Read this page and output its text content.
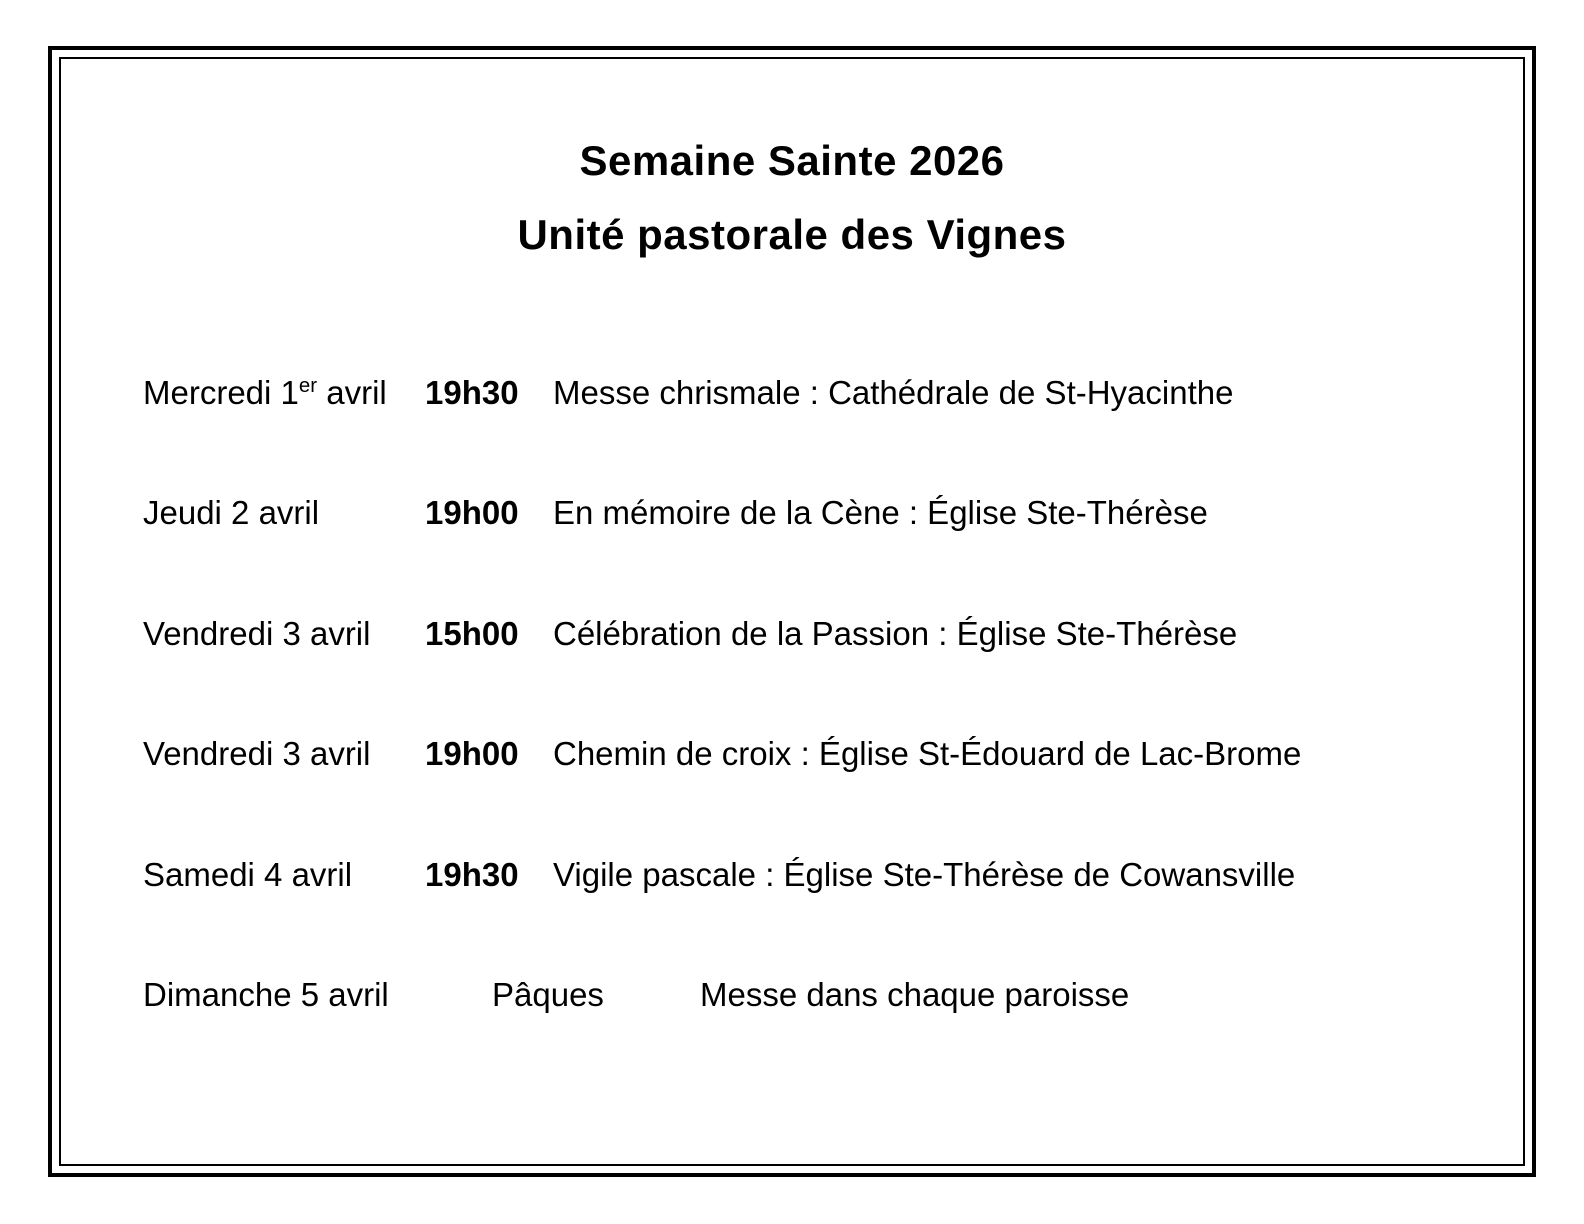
Semaine Sainte 2026
Unité pastorale des Vignes
Mercredi 1er avril	19h30	Messe chrismale : Cathédrale de St-Hyacinthe
Jeudi 2 avril	19h00	En mémoire de la Cène : Église Ste-Thérèse
Vendredi 3 avril	15h00	Célébration de la Passion : Église Ste-Thérèse
Vendredi 3 avril	19h00	Chemin de croix : Église St-Édouard de Lac-Brome
Samedi 4 avril	19h30	Vigile pascale : Église Ste-Thérèse de Cowansville
Dimanche 5 avril	Pâques	Messe dans chaque paroisse
